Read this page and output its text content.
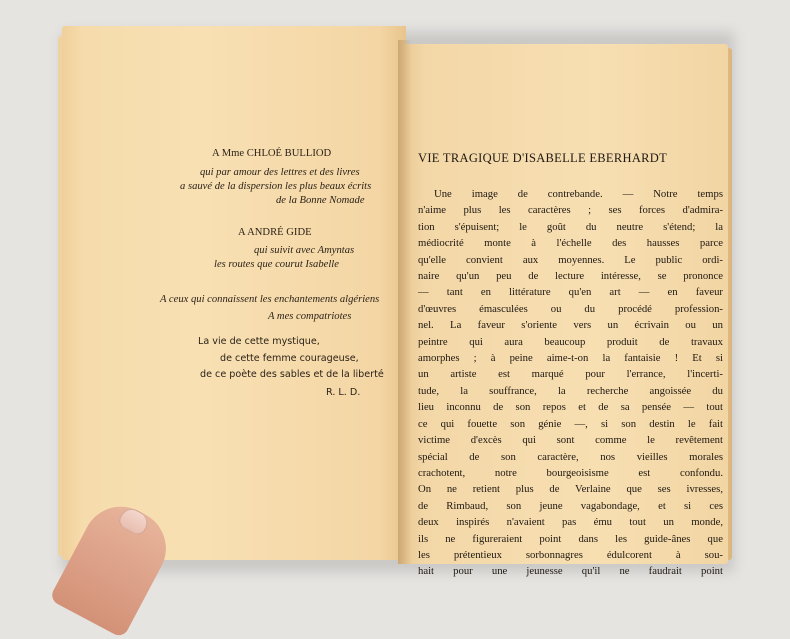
A Mme CHLOÉ BULLIOD
qui par amour des lettres et des livres
a sauvé de la dispersion les plus beaux écrits
de la Bonne Nomade
A ANDRÉ GIDE
qui suivit avec Amyntas
les routes que courut Isabelle
A ceux qui connaissent les enchantements algériens
A mes compatriotes
La vie de cette mystique,
de cette femme courageuse,
de ce poète des sables et de la liberté
R. L. D.
VIE TRAGIQUE D'ISABELLE EBERHARDT
Une image de contrebande. — Notre temps
n'aime plus les caractères ; ses forces d'admira-
tion s'épuisent; le goût du neutre s'étend; la
médiocrité monte à l'échelle des hausses parce
qu'elle convient aux moyennes. Le public ordi-
naire qu'un peu de lecture intéresse, se prononce
— tant en littérature qu'en art — en faveur
d'œuvres émasculées ou du procédé profession-
nel. La faveur s'oriente vers un écrivain ou un
peintre qui aura beaucoup produit de travaux
amorphes ; à peine aime-t-on la fantaisie ! Et si
un artiste est marqué pour l'errance, l'incerti-
tude, la souffrance, la recherche angoissée du
lieu inconnu de son repos et de sa pensée — tout
ce qui fouette son génie —, si son destin le fait
victime d'excès qui sont comme le revêtement
spécial de son caractère, nos vieilles morales
crachotent, notre bourgeoisisme est confondu.
On ne retient plus de Verlaine que ses ivresses,
de Rimbaud, son jeune vagabondage, et si ces
deux inspirés n'avaient pas ému tout un monde,
ils ne figureraient point dans les guide-ânes que
les prétentieux sorbonnagres édulcorent à sou-
hait pour une jeunesse qu'il ne faudrait point
